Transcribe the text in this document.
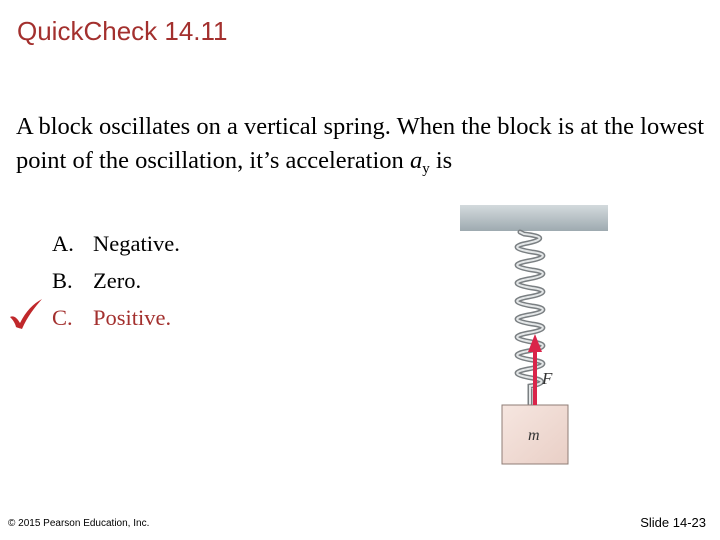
QuickCheck 14.11
A block oscillates on a vertical spring. When the block is at the lowest point of the oscillation, it’s acceleration $a_y$ is
A. Negative.
B. Zero.
C. Positive.
F
m
© 2015 Pearson Education, Inc.	Slide 14-23
